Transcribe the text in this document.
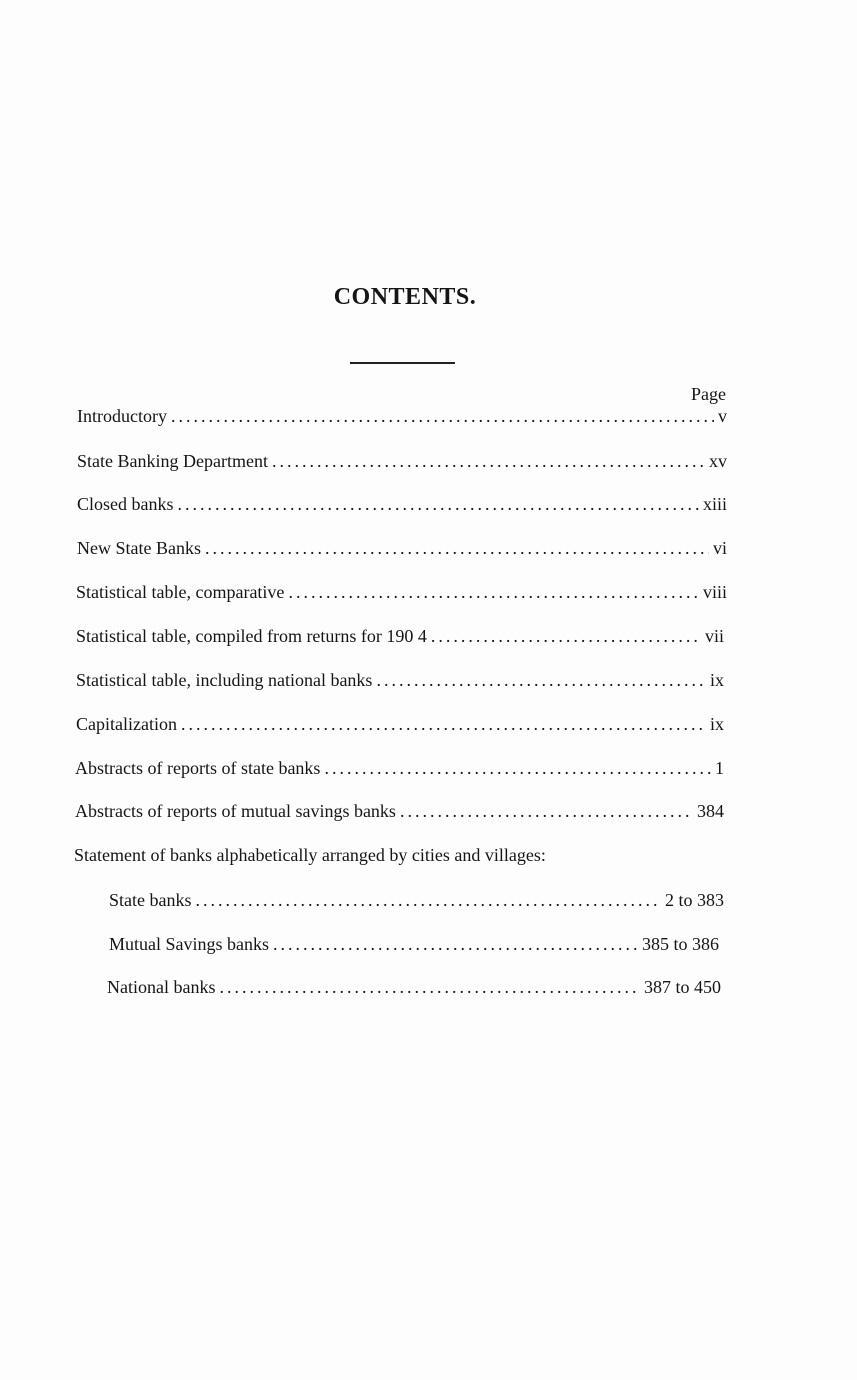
CONTENTS.
Page
Introductory .....	v
State Banking Department .....	xv
Closed banks .....	xiii
New State Banks .....	vi
Statistical table, comparative .....	viii
Statistical table, compiled from returns for 190 4 .....	vii
Statistical table, including national banks .....	ix
Capitalization .....	ix
Abstracts of reports of state banks .....	1
Abstracts of reports of mutual savings banks .....	384
Statement of banks alphabetically arranged by cities and villages:
State banks .....	2 to 383
Mutual Savings banks .....	385 to 386
National banks .....	387 to 450
